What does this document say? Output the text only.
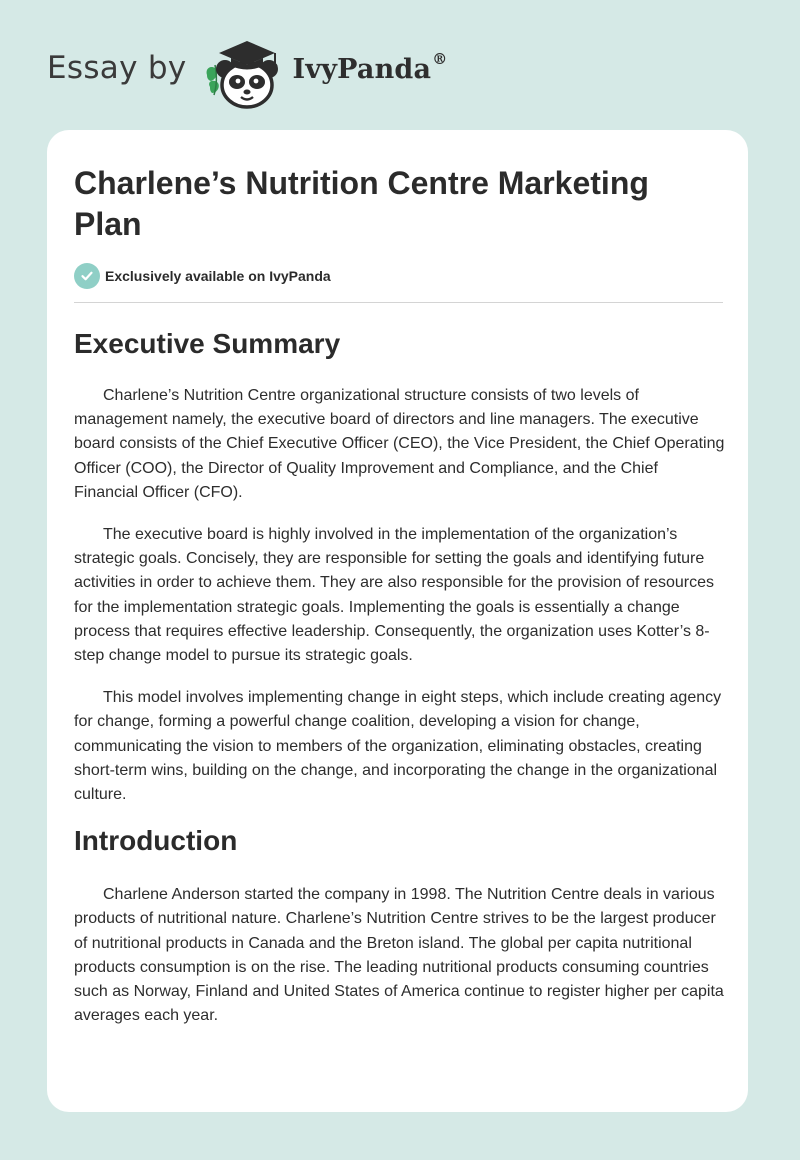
Essay by	IvyPanda®
Charlene’s Nutrition Centre Marketing Plan
Exclusively available on IvyPanda
Executive Summary

Charlene’s Nutrition Centre organizational structure consists of two levels of management namely, the executive board of directors and line managers. The executive board consists of the Chief Executive Officer (CEO), the Vice President, the Chief Operating Officer (COO), the Director of Quality Improvement and Compliance, and the Chief Financial Officer (CFO).

The executive board is highly involved in the implementation of the organization’s strategic goals. Concisely, they are responsible for setting the goals and identifying future activities in order to achieve them. They are also responsible for the provision of resources for the implementation strategic goals. Implementing the goals is essentially a change process that requires effective leadership. Consequently, the organization uses Kotter’s 8-step change model to pursue its strategic goals.

This model involves implementing change in eight steps, which include creating agency for change, forming a powerful change coalition, developing a vision for change, communicating the vision to members of the organization, eliminating obstacles, creating short-term wins, building on the change, and incorporating the change in the organizational culture.

Introduction

Charlene Anderson started the company in 1998. The Nutrition Centre deals in various products of nutritional nature. Charlene’s Nutrition Centre strives to be the largest producer of nutritional products in Canada and the Breton island. The global per capita nutritional products consumption is on the rise. The leading nutritional products consuming countries such as Norway, Finland and United States of America continue to register higher per capita averages each year.
